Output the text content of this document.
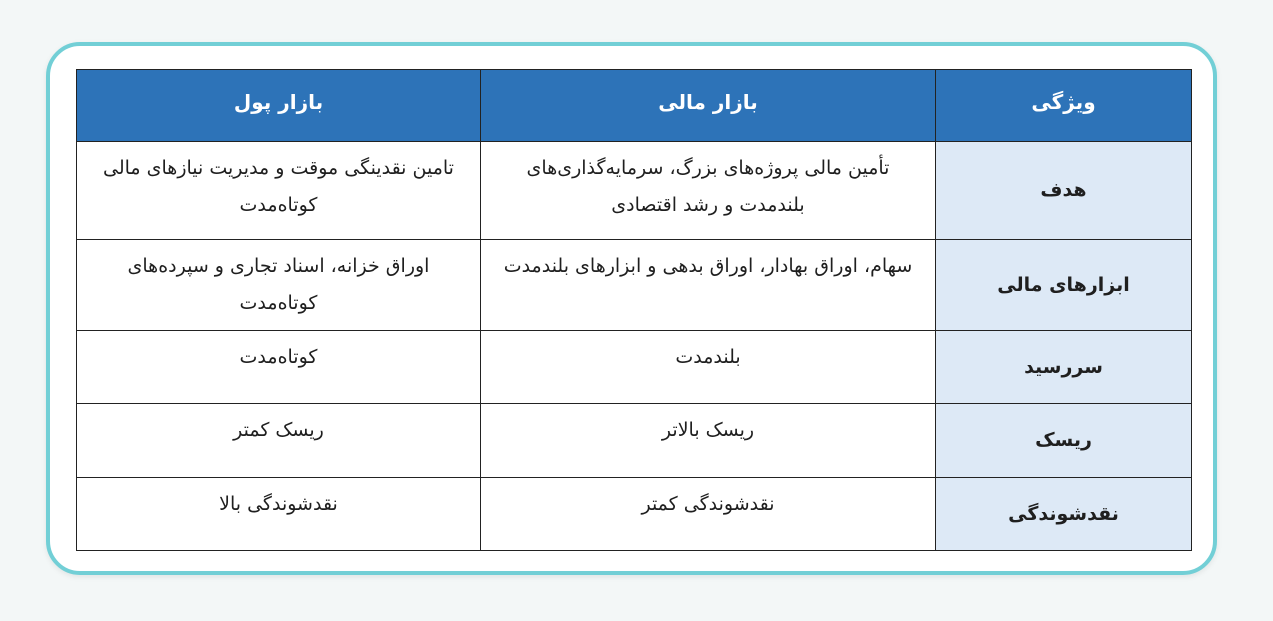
ویژگی	بازار مالی	بازار پول
هدف	تأمین مالی پروژه‌های بزرگ، سرمایه‌گذاری‌های بلندمدت و رشد اقتصادی	تامین نقدینگی موقت و مدیریت نیازهای مالی کوتاه‌مدت
ابزارهای مالی	سهام، اوراق بهادار، اوراق بدهی و ابزارهای بلندمدت	اوراق خزانه، اسناد تجاری و سپرده‌های کوتاه‌مدت
سررسید	بلندمدت	کوتاه‌مدت
ریسک	ریسک بالاتر	ریسک کمتر
نقدشوندگی	نقدشوندگی کمتر	نقدشوندگی بالا
